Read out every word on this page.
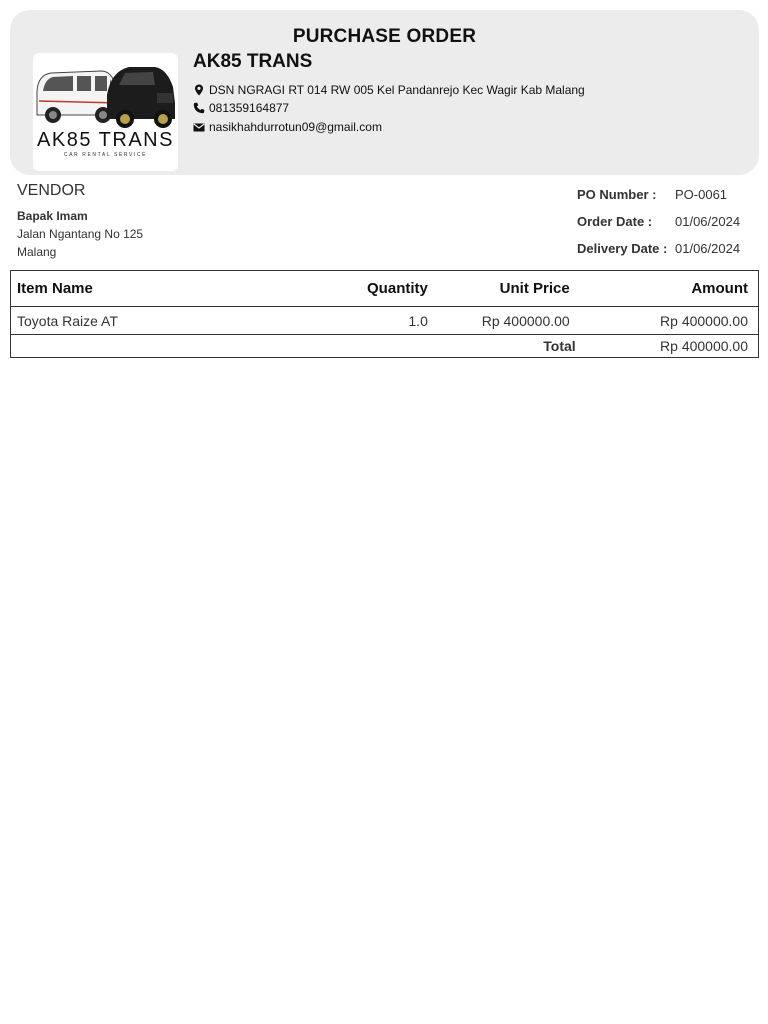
PURCHASE ORDER
AK85 TRANS
CAR RENTAL SERVICE
AK85 TRANS
DSN NGRAGI RT 014 RW 005 Kel Pandanrejo Kec Wagir Kab Malang
081359164877
nasikhahdurrotun09@gmail.com
VENDOR
Bapak Imam
Jalan Ngantang No 125
Malang
PO Number : PO-0061
Order Date : 01/06/2024
Delivery Date : 01/06/2024
Item Name	Quantity	Unit Price	Amount
Toyota Raize AT	1.0	Rp 400000.00	Rp 400000.00
		Total	Rp 400000.00
